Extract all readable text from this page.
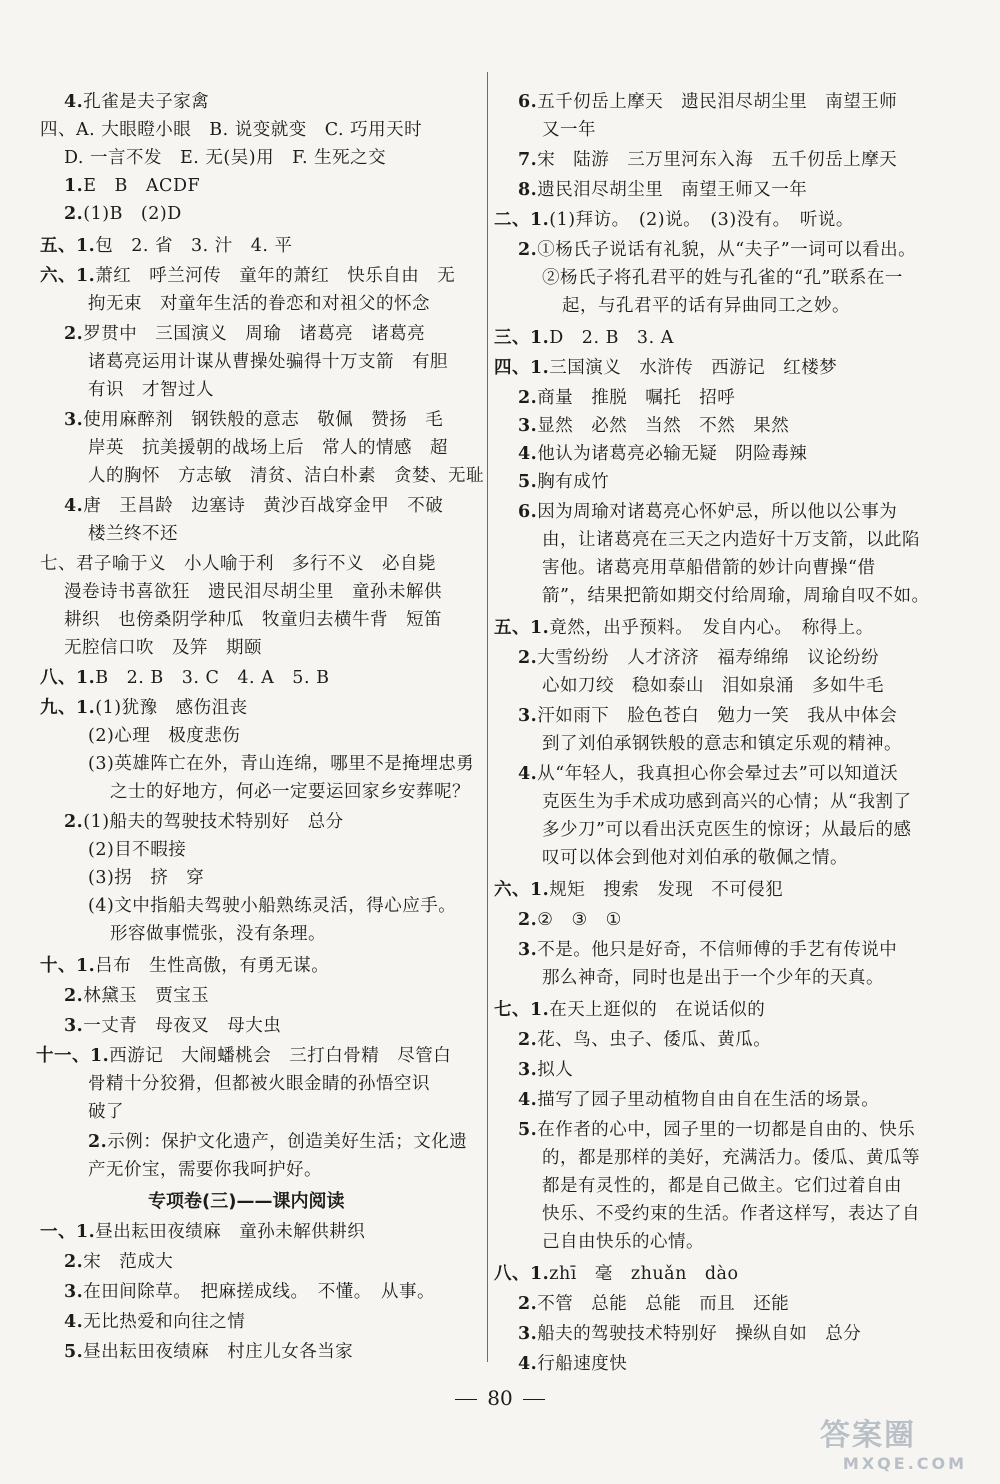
4.孔雀是夫子家禽
四、A. 大眼瞪小眼　B. 说变就变　C. 巧用天时
D. 一言不发　E. 无(吴)用　F. 生死之交
1.E　B　ACDF
2.(1)B　(2)D
五、1.包　2. 省　3. 汁　4. 平
六、1.萧红　呼兰河传　童年的萧红　快乐自由　无
拘无束　对童年生活的眷恋和对祖父的怀念
2.罗贯中　三国演义　周瑜　诸葛亮　诸葛亮
诸葛亮运用计谋从曹操处骗得十万支箭　有胆
有识　才智过人
3.使用麻醉剂　钢铁般的意志　敬佩　赞扬　毛
岸英　抗美援朝的战场上后　常人的情感　超
人的胸怀　方志敏　清贫、洁白朴素　贪婪、无耻
4.唐　王昌龄　边塞诗　黄沙百战穿金甲　不破
楼兰终不还
七、君子喻于义　小人喻于利　多行不义　必自毙
漫卷诗书喜欲狂　遗民泪尽胡尘里　童孙未解供
耕织　也傍桑阴学种瓜　牧童归去横牛背　短笛
无腔信口吹　及笄　期颐
八、1.B　2. B　3. C　4. A　5. B
九、1.(1)犹豫　感伤沮丧
(2)心理　极度悲伤
(3)英雄阵亡在外，青山连绵，哪里不是掩埋忠勇
之士的好地方，何必一定要运回家乡安葬呢？
2.(1)船夫的驾驶技术特别好　总分
(2)目不暇接
(3)拐　挤　穿
(4)文中指船夫驾驶小船熟练灵活，得心应手。
形容做事慌张，没有条理。
十、1.吕布　生性高傲，有勇无谋。
2.林黛玉　贾宝玉
3.一丈青　母夜叉　母大虫
十一、1.西游记　大闹蟠桃会　三打白骨精　尽管白
骨精十分狡猾，但都被火眼金睛的孙悟空识
破了
2.示例：保护文化遗产，创造美好生活；文化遗
产无价宝，需要你我呵护好。
一、1.昼出耘田夜绩麻　童孙未解供耕织
2.宋　范成大
3.在田间除草。　把麻搓成线。　不懂。　从事。
4.无比热爱和向往之情
5.昼出耘田夜绩麻　村庄儿女各当家
6.五千仞岳上摩天　遗民泪尽胡尘里　南望王师
又一年
7.宋　陆游　三万里河东入海　五千仞岳上摩天
8.遗民泪尽胡尘里　南望王师又一年
二、1.(1)拜访。　(2)说。　(3)没有。　听说。
2.①杨氏子说话有礼貌，从“夫子”一词可以看出。
②杨氏子将孔君平的姓与孔雀的“孔”联系在一
起，与孔君平的话有异曲同工之妙。
三、1.D　2. B　3. A
四、1.三国演义　水浒传　西游记　红楼梦
2.商量　推脱　嘱托　招呼
3.显然　必然　当然　不然　果然
4.他认为诸葛亮必输无疑　阴险毒辣
5.胸有成竹
6.因为周瑜对诸葛亮心怀妒忌，所以他以公事为
由，让诸葛亮在三天之内造好十万支箭，以此陷
害他。诸葛亮用草船借箭的妙计向曹操“借
箭”，结果把箭如期交付给周瑜，周瑜自叹不如。
五、1.竟然，出乎预料。　发自内心。　称得上。
2.大雪纷纷　人才济济　福寿绵绵　议论纷纷
心如刀绞　稳如泰山　泪如泉涌　多如牛毛
3.汗如雨下　脸色苍白　勉力一笑　我从中体会
到了刘伯承钢铁般的意志和镇定乐观的精神。
4.从“年轻人，我真担心你会晕过去”可以知道沃
克医生为手术成功感到高兴的心情；从“我割了
多少刀”可以看出沃克医生的惊讶；从最后的感
叹可以体会到他对刘伯承的敬佩之情。
六、1.规矩　搜索　发现　不可侵犯
2.②　③　①
3.不是。他只是好奇，不信师傅的手艺有传说中
那么神奇，同时也是出于一个少年的天真。
七、1.在天上逛似的　在说话似的
2.花、鸟、虫子、倭瓜、黄瓜。
3.拟人
4.描写了园子里动植物自由自在生活的场景。
5.在作者的心中，园子里的一切都是自由的、快乐
的，都是那样的美好，充满活力。倭瓜、黄瓜等
都是有灵性的，都是自己做主。它们过着自由
快乐、不受约束的生活。作者这样写，表达了自
己自由快乐的心情。
八、1.zhī　毫　zhuǎn　dào
2.不管　总能　总能　而且　还能
3.船夫的驾驶技术特别好　操纵自如　总分
4.行船速度快
专项卷(三)——课内阅读
80
答案圈
MXQE.COM
